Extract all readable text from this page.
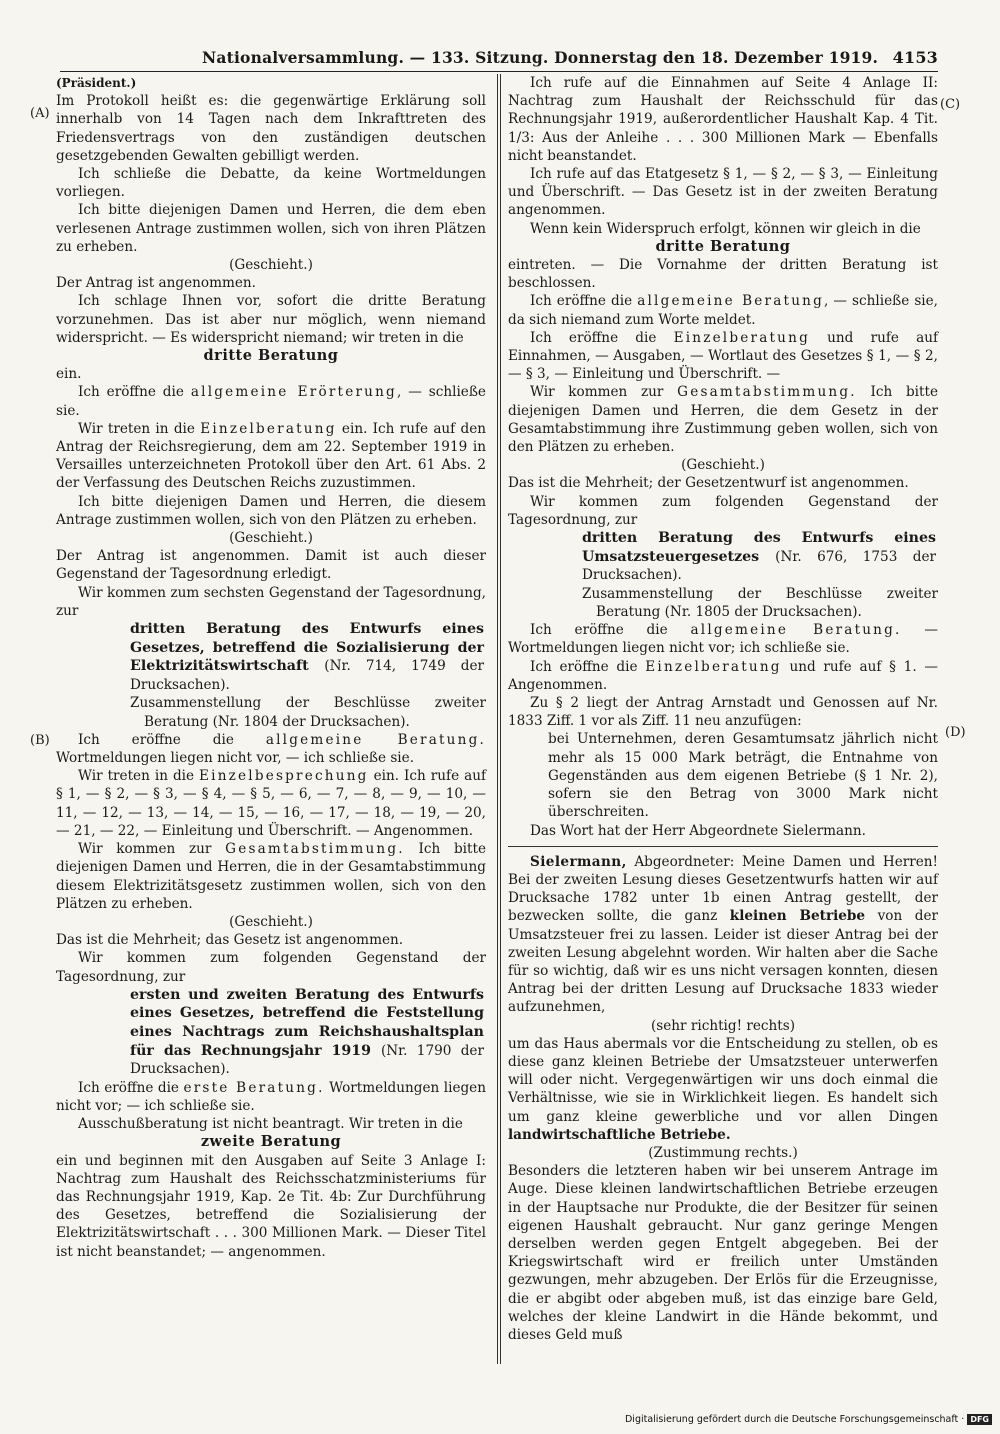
Nationalversammlung. — 133. Sitzung. Donnerstag den 18. Dezember 1919. 4153
(A)
(B)
(C)
(D)

(Präsident.)

Im Protokoll heißt es: die gegenwärtige Erklärung soll innerhalb von 14 Tagen nach dem Inkrafttreten des Friedensvertrags von den zuständigen deutschen gesetzgebenden Gewalten gebilligt werden.

Ich schließe die Debatte, da keine Wortmeldungen vorliegen.

Ich bitte diejenigen Damen und Herren, die dem eben verlesenen Antrage zustimmen wollen, sich von ihren Plätzen zu erheben.

(Geschieht.)

Der Antrag ist angenommen.

Ich schlage Ihnen vor, sofort die dritte Beratung vorzunehmen. Das ist aber nur möglich, wenn niemand widerspricht. — Es widerspricht niemand; wir treten in die

dritte Beratung

ein.

Ich eröffne die allgemeine Erörterung, — schließe sie.

Wir treten in die Einzelberatung ein. Ich rufe auf den Antrag der Reichsregierung, dem am 22. September 1919 in Versailles unterzeichneten Protokoll über den Art. 61 Abs. 2 der Verfassung des Deutschen Reichs zuzustimmen.

Ich bitte diejenigen Damen und Herren, die diesem Antrage zustimmen wollen, sich von den Plätzen zu erheben.

(Geschieht.)

Der Antrag ist angenommen. Damit ist auch dieser Gegenstand der Tagesordnung erledigt.

Wir kommen zum sechsten Gegenstand der Tagesordnung, zur

dritten Beratung des Entwurfs eines Gesetzes, betreffend die Sozialisierung der Elektrizitätswirtschaft (Nr. 714, 1749 der Drucksachen).

Zusammenstellung der Beschlüsse zweiter Beratung (Nr. 1804 der Drucksachen).

Ich eröffne die allgemeine Beratung. Wortmeldungen liegen nicht vor, — ich schließe sie.

Wir treten in die Einzelbesprechung ein. Ich rufe auf § 1, — § 2, — § 3, — § 4, — § 5, — 6, — 7, — 8, — 9, — 10, — 11, — 12, — 13, — 14, — 15, — 16, — 17, — 18, — 19, — 20, — 21, — 22, — Einleitung und Überschrift. — Angenommen.

Wir kommen zur Gesamtabstimmung. Ich bitte diejenigen Damen und Herren, die in der Gesamtabstimmung diesem Elektrizitätsgesetz zustimmen wollen, sich von den Plätzen zu erheben.

(Geschieht.)

Das ist die Mehrheit; das Gesetz ist angenommen.

Wir kommen zum folgenden Gegenstand der Tagesordnung, zur

ersten und zweiten Beratung des Entwurfs eines Gesetzes, betreffend die Feststellung eines Nachtrags zum Reichshaushaltsplan für das Rechnungsjahr 1919 (Nr. 1790 der Drucksachen).

Ich eröffne die erste Beratung. Wortmeldungen liegen nicht vor; — ich schließe sie.

Ausschußberatung ist nicht beantragt. Wir treten in die

zweite Beratung

ein und beginnen mit den Ausgaben auf Seite 3 Anlage I: Nachtrag zum Haushalt des Reichsschatzministeriums für das Rechnungsjahr 1919, Kap. 2e Tit. 4b: Zur Durchführung des Gesetzes, betreffend die Sozialisierung der Elektrizitätswirtschaft . . . 300 Millionen Mark. — Dieser Titel ist nicht beanstandet; — angenommen.

Ich rufe auf die Einnahmen auf Seite 4 Anlage II: Nachtrag zum Haushalt der Reichsschuld für das Rechnungsjahr 1919, außerordentlicher Haushalt Kap. 4 Tit. 1/3: Aus der Anleihe . . . 300 Millionen Mark — Ebenfalls nicht beanstandet.

Ich rufe auf das Etatgesetz § 1, — § 2, — § 3, — Einleitung und Überschrift. — Das Gesetz ist in der zweiten Beratung angenommen.

Wenn kein Widerspruch erfolgt, können wir gleich in die

dritte Beratung

eintreten. — Die Vornahme der dritten Beratung ist beschlossen.

Ich eröffne die allgemeine Beratung, — schließe sie, da sich niemand zum Worte meldet.

Ich eröffne die Einzelberatung und rufe auf Einnahmen, — Ausgaben, — Wortlaut des Gesetzes § 1, — § 2, — § 3, — Einleitung und Überschrift. —

Wir kommen zur Gesamtabstimmung. Ich bitte diejenigen Damen und Herren, die dem Gesetz in der Gesamtabstimmung ihre Zustimmung geben wollen, sich von den Plätzen zu erheben.

(Geschieht.)

Das ist die Mehrheit; der Gesetzentwurf ist angenommen.

Wir kommen zum folgenden Gegenstand der Tagesordnung, zur

dritten Beratung des Entwurfs eines Umsatzsteuergesetzes (Nr. 676, 1753 der Drucksachen).

Zusammenstellung der Beschlüsse zweiter Beratung (Nr. 1805 der Drucksachen).

Ich eröffne die allgemeine Beratung. — Wortmeldungen liegen nicht vor; ich schließe sie.

Ich eröffne die Einzelberatung und rufe auf § 1. — Angenommen.

Zu § 2 liegt der Antrag Arnstadt und Genossen auf Nr. 1833 Ziff. 1 vor als Ziff. 11 neu anzufügen:

bei Unternehmen, deren Gesamtumsatz jährlich nicht mehr als 15 000 Mark beträgt, die Entnahme von Gegenständen aus dem eigenen Betriebe (§ 1 Nr. 2), sofern sie den Betrag von 3000 Mark nicht überschreiten.

Das Wort hat der Herr Abgeordnete Sielermann.

Sielermann, Abgeordneter: Meine Damen und Herren! Bei der zweiten Lesung dieses Gesetzentwurfs hatten wir auf Drucksache 1782 unter 1b einen Antrag gestellt, der bezwecken sollte, die ganz kleinen Betriebe von der Umsatzsteuer frei zu lassen. Leider ist dieser Antrag bei der zweiten Lesung abgelehnt worden. Wir halten aber die Sache für so wichtig, daß wir es uns nicht versagen konnten, diesen Antrag bei der dritten Lesung auf Drucksache 1833 wieder aufzunehmen,

(sehr richtig! rechts)

um das Haus abermals vor die Entscheidung zu stellen, ob es diese ganz kleinen Betriebe der Umsatzsteuer unterwerfen will oder nicht. Vergegenwärtigen wir uns doch einmal die Verhältnisse, wie sie in Wirklichkeit liegen. Es handelt sich um ganz kleine gewerbliche und vor allen Dingen landwirtschaftliche Betriebe.

(Zustimmung rechts.)

Besonders die letzteren haben wir bei unserem Antrage im Auge. Diese kleinen landwirtschaftlichen Betriebe erzeugen in der Hauptsache nur Produkte, die der Besitzer für seinen eigenen Haushalt gebraucht. Nur ganz geringe Mengen derselben werden gegen Entgelt abgegeben. Bei der Kriegswirtschaft wird er freilich unter Umständen gezwungen, mehr abzugeben. Der Erlös für die Erzeugnisse, die er abgibt oder abgeben muß, ist das einzige bare Geld, welches der kleine Landwirt in die Hände bekommt, und dieses Geld muß

Digitalisierung gefördert durch die Deutsche Forschungsgemeinschaft · DFG
